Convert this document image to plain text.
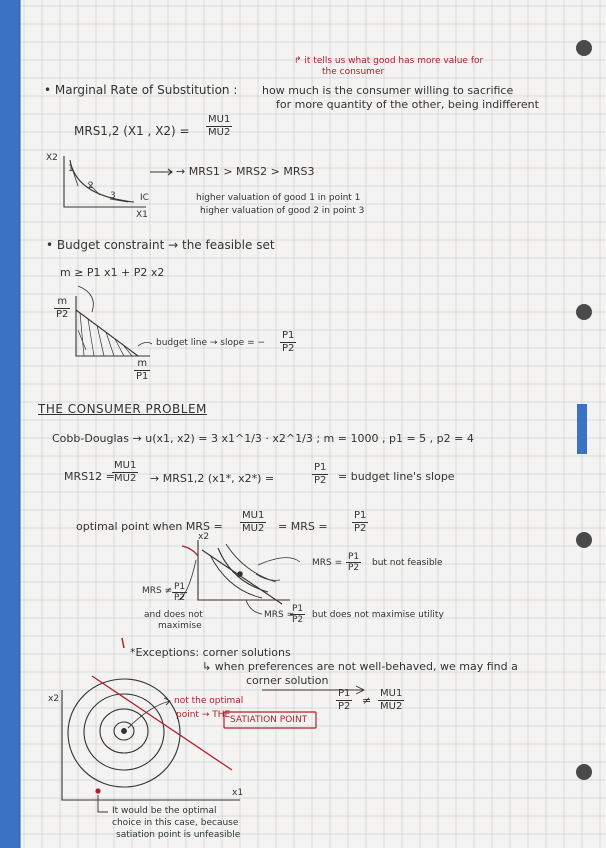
↱ it tells us what good has more value for
the consumer
• Marginal Rate of Substitution : how much is the consumer willing to sacrifice
for more quantity of the other, being indifferent
MRS1,2 (X1 , $X2) = \frac{MU1}{MU2}$
X2
X1
1
2
3	IC
→ MRS1 > MRS2 > MRS3
higher valuation of good 1 in point 1
higher valuation of good 2 in point 3
• Budget constraint → the feasible set
m ≥ P1 x1 + P2 x2
$\frac{m}{P2}$
$\frac{m}{P1}$
budget line → slope = − $\frac{P1}{P2}$
THE CONSUMER PROBLEM
Cobb-Douglas → u(x1, x2) = 3 x1^1/3 · x2^1/3 ; m = 1000 , p1 = 5 , p2 = 4
MRS12 =
$\frac{MU1}{MU2} \to MRS1,2$ (x1*, x2*) =	$\frac{P1}{P2}$ = budget line's slope
optimal point when MRS = $\frac{MU1}{MU2}$ = MRS = $\frac{P1}{P2}$
x2
MRS = $\frac{P1}{P2}$ but not feasible
MRS ≠ $\frac{P1}{P2}$
and does not
maximise
MRS =
$\frac{P1}{P2}$ but does not maximise utility
*Exceptions: corner solutions
↳ when preferences are not well-behaved, we may find a
corner solution
x2
x1
not the optimal
point → THE SATIATION POINT
$\frac{P1}{P2} \ne \frac{MU1}{MU2}$
It would be the optimal
choice in this case, because
satiation point is unfeasible
